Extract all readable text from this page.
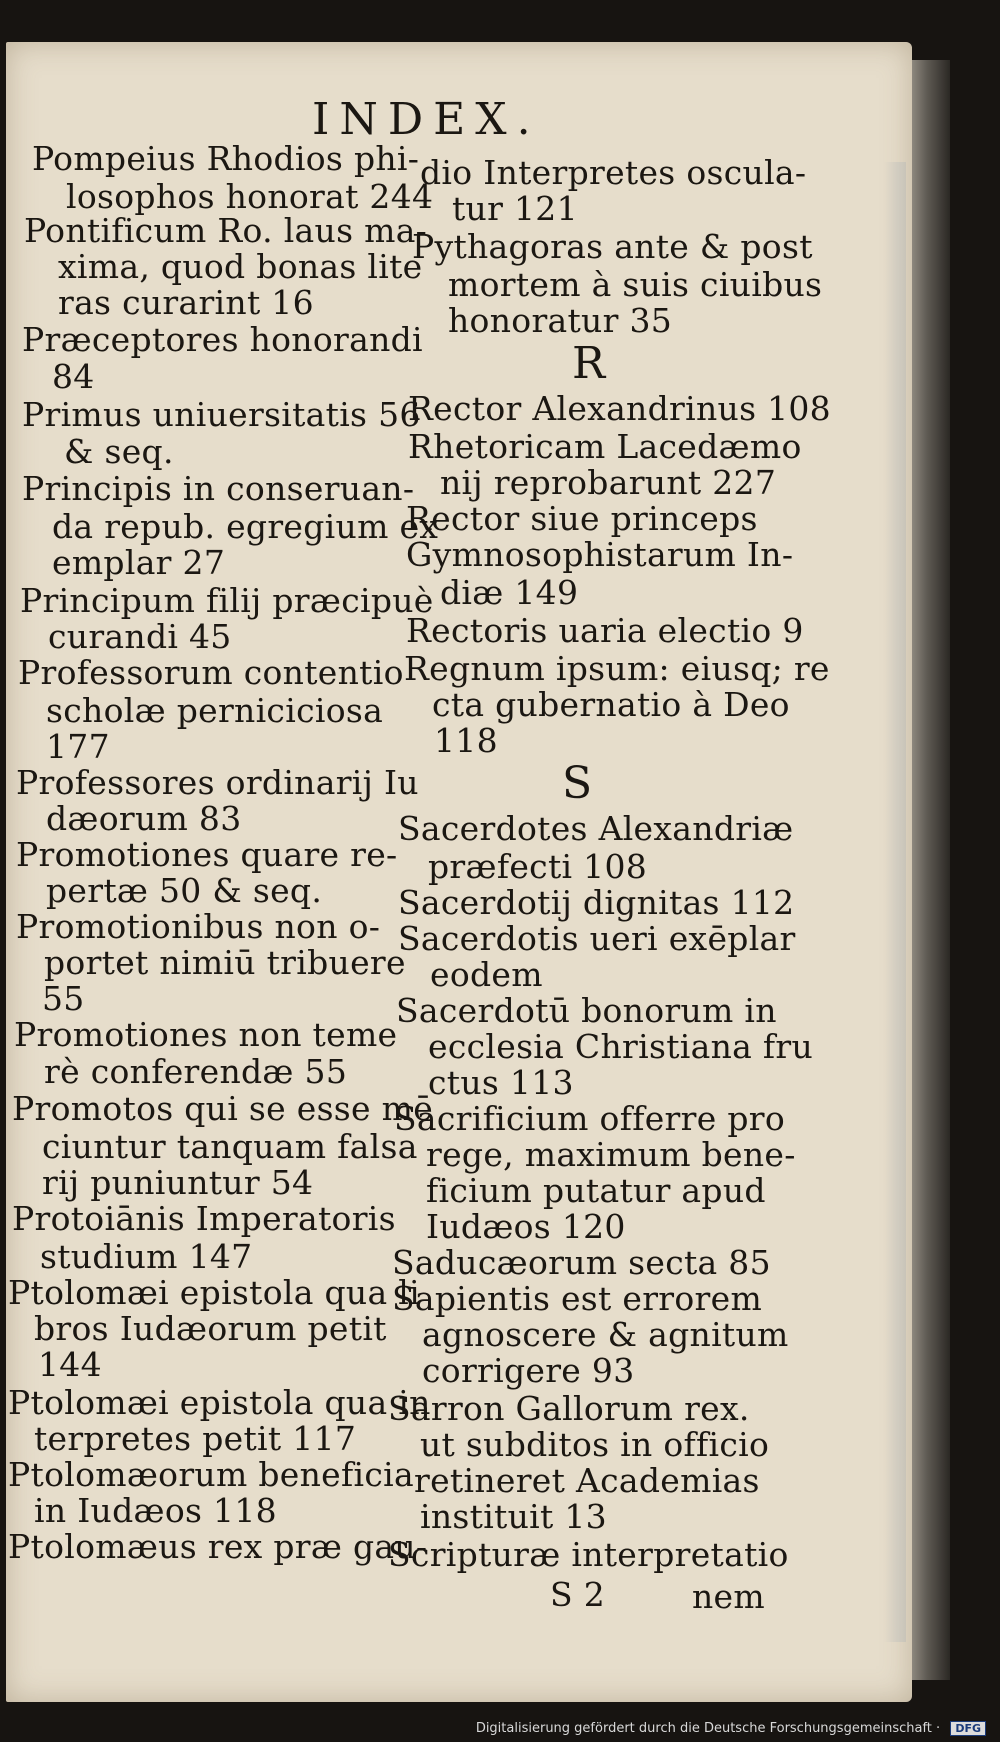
INDEX.
Pompeius Rhodios phi-
losophos honorat 244
Pontificum Ro. laus ma-
xima, quod bonas lite
ras curarint 16
Præceptores honorandi
84
Primus uniuersitatis 56
& seq.
Principis in conseruan-
da repub. egregium ex
emplar 27
Principum filij præcipuè
curandi 45
Professorum contentio
scholæ perniciciosa
177
Professores ordinarij Iu
dæorum 83
Promotiones quare re-
pertæ 50 & seq.
Promotionibus non o-
portet nimiū tribuere
55
Promotiones non teme
rè conferendæ 55
Promotos qui se esse mē
ciuntur tanquam falsa
rij puniuntur 54
Protoiānis Imperatoris
studium 147
Ptolomæi epistola qua li
bros Iudæorum petit
144
Ptolomæi epistola qua in
terpretes petit 117
Ptolomæorum beneficia
in Iudæos 118
Ptolomæus rex præ gau-
dio Interpretes oscula-
tur 121
Pythagoras ante & post
mortem à suis ciuibus
honoratur 35
R
Rector Alexandrinus 108
Rhetoricam Lacedæmo
nij reprobarunt 227
Rector siue princeps
Gymnosophistarum In-
diæ 149
Rectoris uaria electio 9
Regnum ipsum: eiusq; re
cta gubernatio à Deo
118
S
Sacerdotes Alexandriæ
præfecti 108
Sacerdotij dignitas 112
Sacerdotis ueri exēplar
eodem
Sacerdotū bonorum in
ecclesia Christiana fru
ctus 113
Sacrificium offerre pro
rege, maximum bene-
ficium putatur apud
Iudæos 120
Saducæorum secta 85
Sapientis est errorem
agnoscere & agnitum
corrigere 93
Sarron Gallorum rex.
ut subditos in officio
retineret Academias
instituit 13
Scripturæ interpretatio
S 2	nem
Digitalisierung gefördert durch die Deutsche Forschungsgemeinschaft · DFG
